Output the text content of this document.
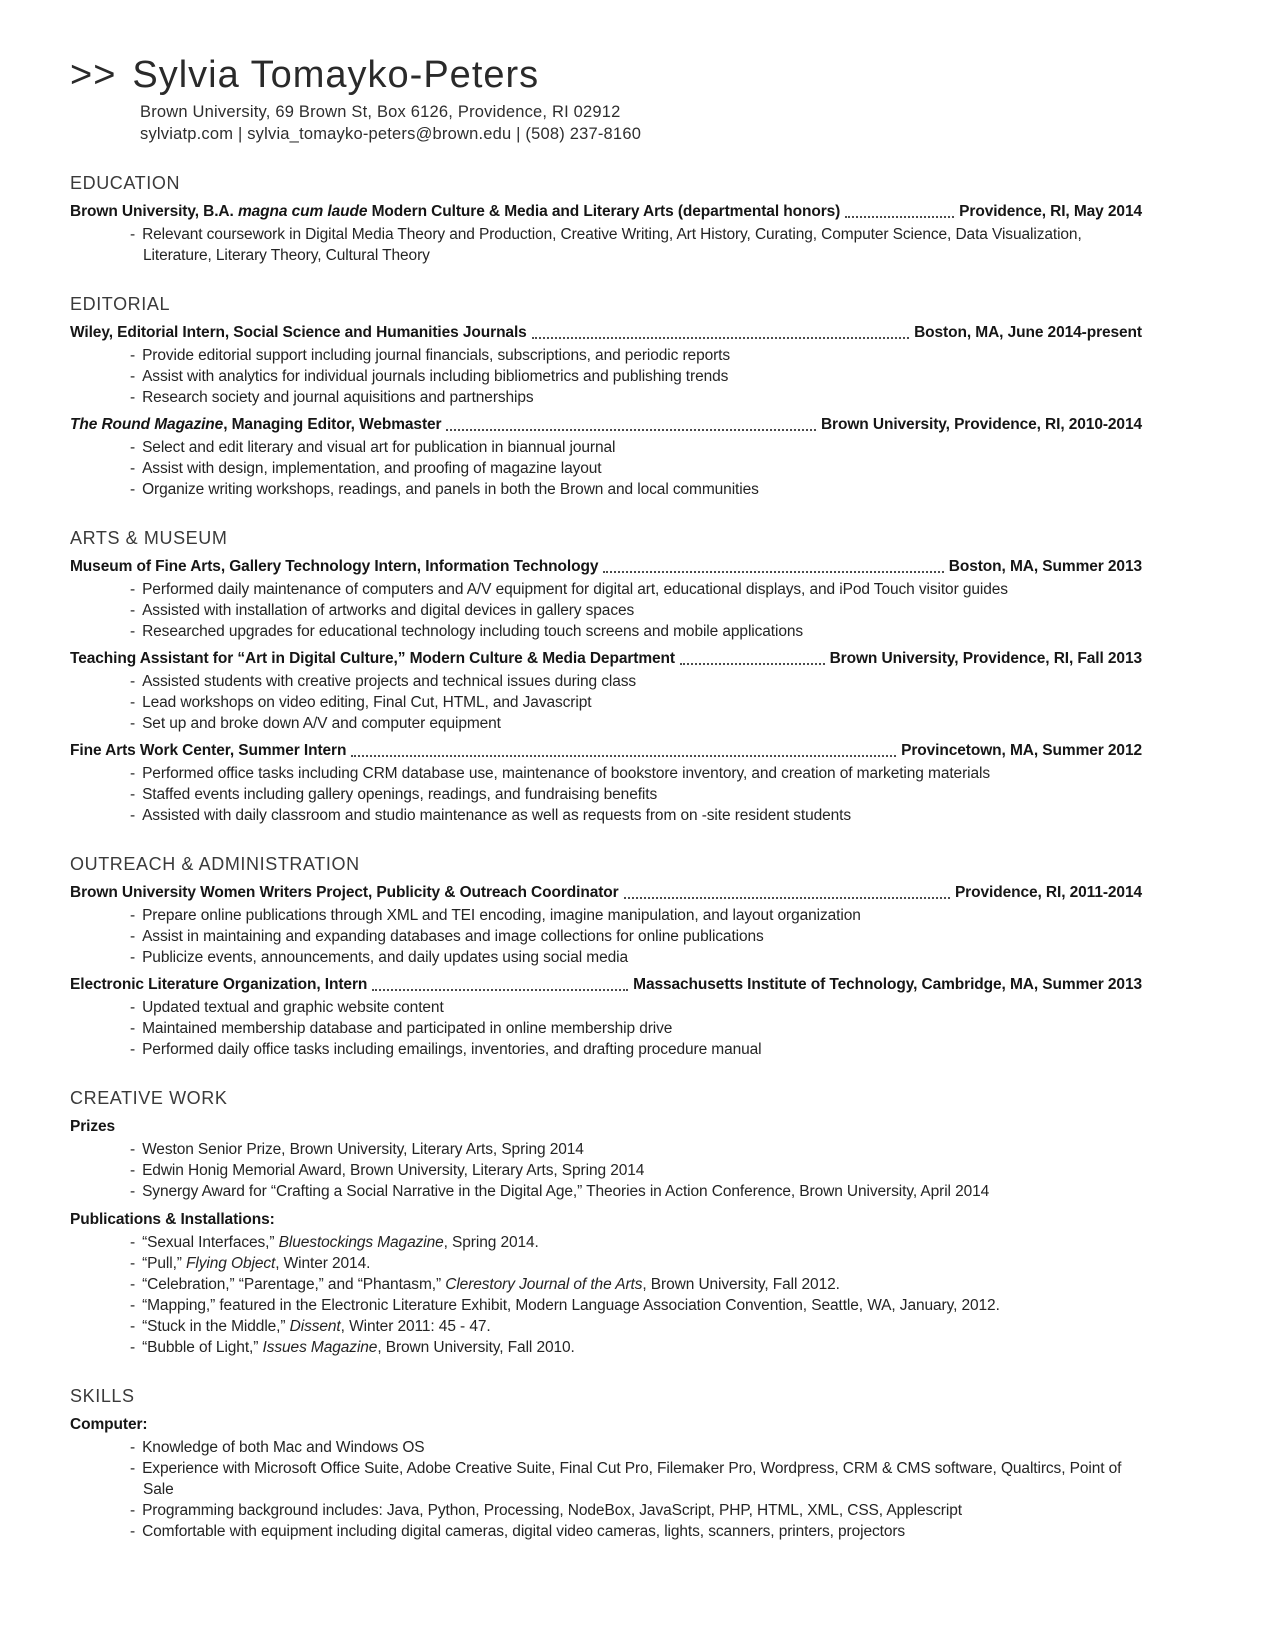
>> Sylvia Tomayko-Peters
Brown University, 69 Brown St, Box 6126, Providence, RI 02912
sylviatp.com | sylvia_tomayko-peters@brown.edu | (508) 237-8160
EDUCATION
Brown University, B.A. magna cum laude Modern Culture & Media and Literary Arts (departmental honors)	Providence, RI, May 2014
- Relevant coursework in Digital Media Theory and Production, Creative Writing, Art History, Curating, Computer Science, Data Visualization, Literature, Literary Theory, Cultural Theory
EDITORIAL
Wiley, Editorial Intern, Social Science and Humanities Journals	Boston, MA, June 2014-present
- Provide editorial support including journal financials, subscriptions, and periodic reports
- Assist with analytics for individual journals including bibliometrics and publishing trends
- Research society and journal aquisitions and partnerships
The Round Magazine, Managing Editor, Webmaster	Brown University, Providence, RI, 2010-2014
- Select and edit literary and visual art for publication in biannual journal
- Assist with design, implementation, and proofing of magazine layout
- Organize writing workshops, readings, and panels in both the Brown and local communities
ARTS & MUSEUM
Museum of Fine Arts, Gallery Technology Intern, Information Technology	Boston, MA, Summer 2013
- Performed daily maintenance of computers and A/V equipment for digital art, educational displays, and iPod Touch visitor guides
- Assisted with installation of artworks and digital devices in gallery spaces
- Researched upgrades for educational technology including touch screens and mobile applications
Teaching Assistant for “Art in Digital Culture,” Modern Culture & Media Department	Brown University, Providence, RI, Fall 2013
- Assisted students with creative projects and technical issues during class
- Lead workshops on video editing, Final Cut, HTML, and Javascript
- Set up and broke down A/V and computer equipment
Fine Arts Work Center, Summer Intern	Provincetown, MA, Summer 2012
- Performed office tasks including CRM database use, maintenance of bookstore inventory, and creation of marketing materials
- Staffed events including gallery openings, readings, and fundraising benefits
- Assisted with daily classroom and studio maintenance as well as requests from on -site resident students
OUTREACH & ADMINISTRATION
Brown University Women Writers Project, Publicity & Outreach Coordinator	Providence, RI, 2011-2014
- Prepare online publications through XML and TEI encoding, imagine manipulation, and layout organization
- Assist in maintaining and expanding databases and image collections for online publications
- Publicize events, announcements, and daily updates using social media
Electronic Literature Organization, Intern	Massachusetts Institute of Technology, Cambridge, MA, Summer 2013
- Updated textual and graphic website content
- Maintained membership database and participated in online membership drive
- Performed daily office tasks including emailings, inventories, and drafting procedure manual
CREATIVE WORK
Prizes
- Weston Senior Prize, Brown University, Literary Arts, Spring 2014
- Edwin Honig Memorial Award, Brown University, Literary Arts, Spring 2014
- Synergy Award for “Crafting a Social Narrative in the Digital Age,” Theories in Action Conference, Brown University, April 2014
Publications & Installations:
- “Sexual Interfaces,” Bluestockings Magazine, Spring 2014.
- “Pull,” Flying Object, Winter 2014.
- “Celebration,” “Parentage,” and “Phantasm,” Clerestory Journal of the Arts, Brown University, Fall 2012.
- “Mapping,” featured in the Electronic Literature Exhibit, Modern Language Association Convention, Seattle, WA, January, 2012.
- “Stuck in the Middle,” Dissent, Winter 2011: 45 - 47.
- “Bubble of Light,” Issues Magazine, Brown University, Fall 2010.
SKILLS
Computer:
- Knowledge of both Mac and Windows OS
- Experience with Microsoft Office Suite, Adobe Creative Suite, Final Cut Pro, Filemaker Pro, Wordpress, CRM & CMS software, Qualtircs, Point of Sale
- Programming background includes: Java, Python, Processing, NodeBox, JavaScript, PHP, HTML, XML, CSS, Applescript
- Comfortable with equipment including digital cameras, digital video cameras, lights, scanners, printers, projectors
